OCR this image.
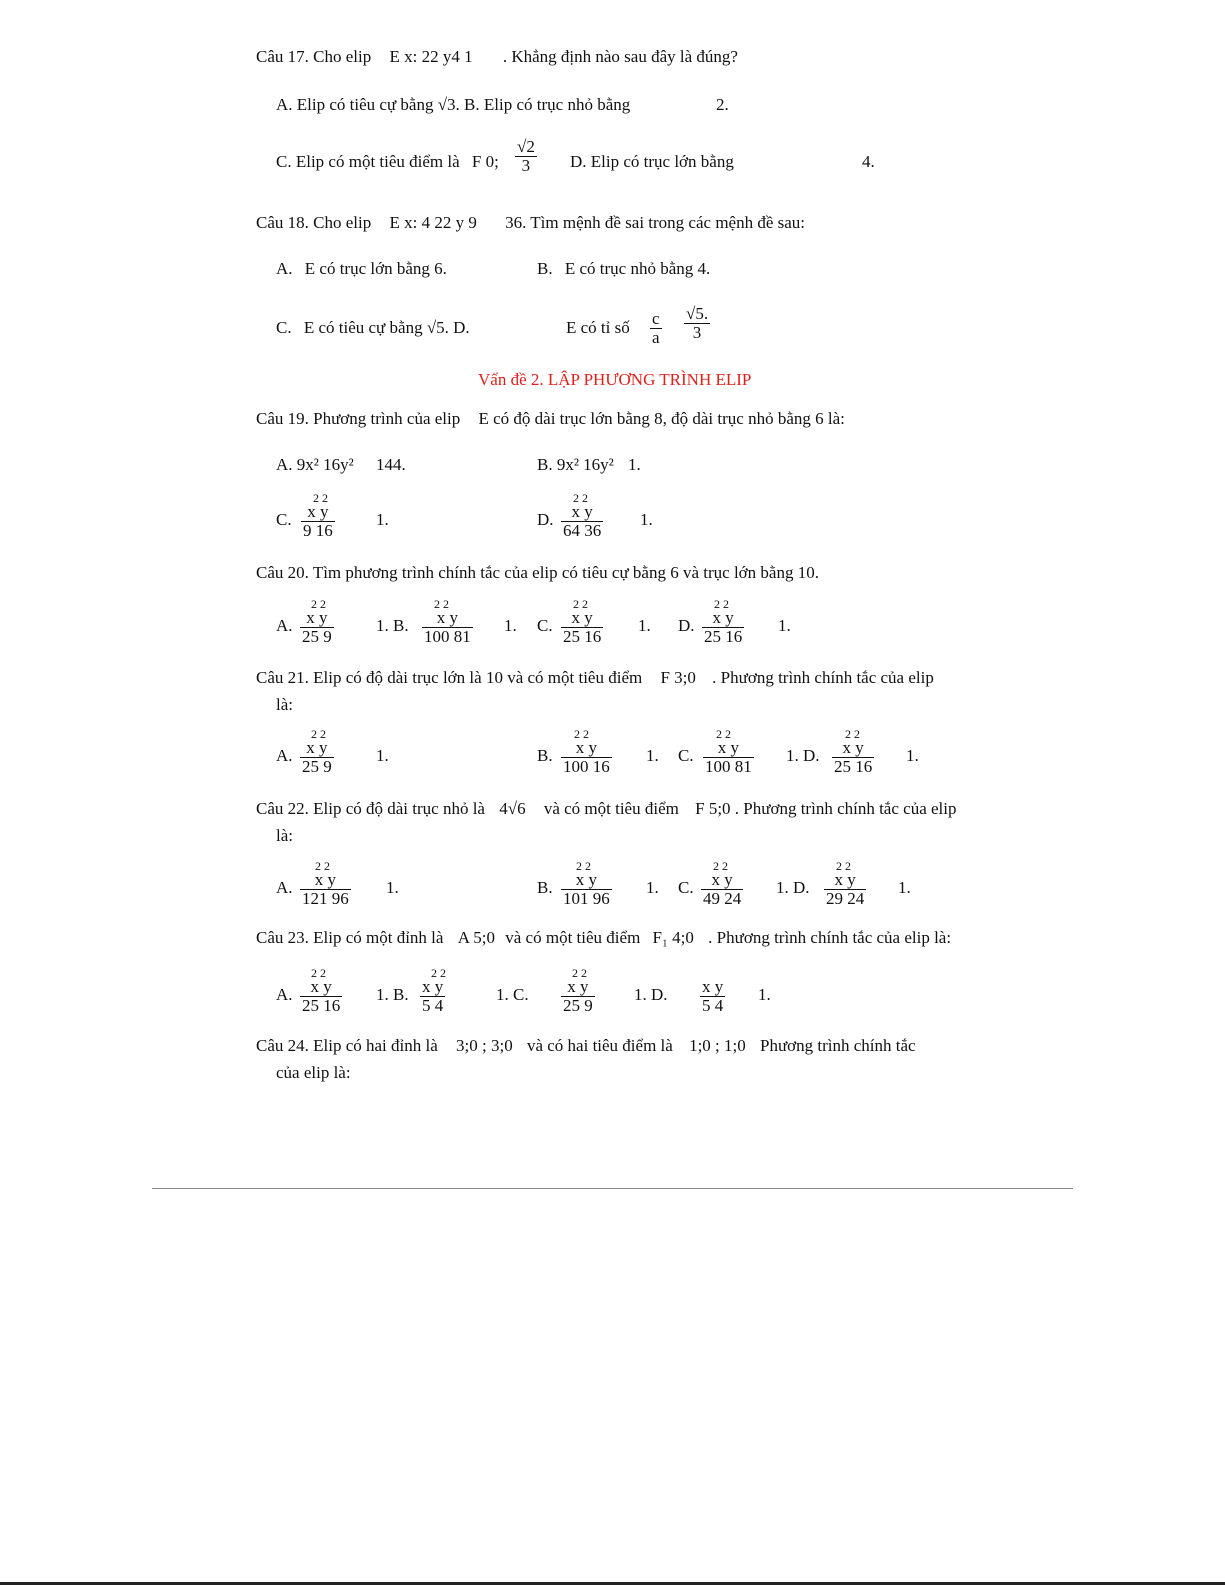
Câu 17. Cho elip E x: 22 y4 1 . Khẳng định nào sau đây là đúng?
A. Elip có tiêu cự bằng √3. B. Elip có trục nhỏ bằng	2.
C. Elip có một tiêu điểm là F 0; $\frac{√2}{3} D$. Elip có trục lớn bằng	4.
Câu 18. Cho elip E x: 4 22 y 9 36. Tìm mệnh đề sai trong các mệnh đề sau:
A. E có trục lớn bằng 6.	B. E có trục nhỏ bằng 4.
C. E có tiêu cự bằng √5. D.	E có tỉ số $\frac{c}{a} \frac{√5.}{3}$
Vấn đề 2. LẬP PHƯƠNG TRÌNH ELIP
Câu 19. Phương trình của elip E có độ dài trục lớn bằng 8, độ dài trục nhỏ bằng 6 là:
A. 9x² 16y² 144.	B. 9x² 16y² 1.
C.
2 2
$\frac{\text{x y}}{9 16} 1$.	D.
2 2
$\frac{\text{x y}}{64 36} 1$.
Câu 20. Tìm phương trình chính tắc của elip có tiêu cự bằng 6 và trục lớn bằng 10.
A.
2 2
$\frac{\text{x y}}{25 9} 1$. B.
2 2
$\frac{\text{x y}}{100 81} 1$. C.
2 2
$\frac{\text{x y}}{25 16} 1$. D.
2 2
$\frac{\text{x y}}{25 16} 1$.
Câu 21. Elip có độ dài trục lớn là 10 và có một tiêu điểm F 3;0 . Phương trình chính tắc của elip
là:
A.
2 2
$\frac{\text{x y}}{25 9} 1$.	B.
2 2
$\frac{\text{x y}}{100 16} 1$. C.
2 2
$\frac{\text{x y}}{100 81} 1$. D.
2 2
$\frac{\text{x y}}{25 16} 1$.
Câu 22. Elip có độ dài trục nhỏ là 4√6 và có một tiêu điểm F 5;0 . Phương trình chính tắc của elip
là:
A.
2 2
$\frac{\text{x y}}{121 96} 1$.	B.
2 2
$\frac{\text{x y}}{101 96} 1$. C.
2 2
$\frac{\text{x y}}{49 24} 1$. D.
2 2
$\frac{\text{x y}}{29 24} 1$.
Câu 23. Elip có một đỉnh là A 5;0 và có một tiêu điểm F₁ 4;0 . Phương trình chính tắc của elip là:
A.
2 2
$\frac{\text{x y}}{25 16} 1$. B.
2 2
$\frac{\text{x y}}{5 4}$	1. C.
2 2
$\frac{\text{x y}}{25 9} 1$. D. $\frac{\text{x y}}{5 4} 1$.
Câu 24. Elip có hai đỉnh là 3;0 ; 3;0 và có hai tiêu điểm là 1;0 ; 1;0 Phương trình chính tắc
của elip là:
